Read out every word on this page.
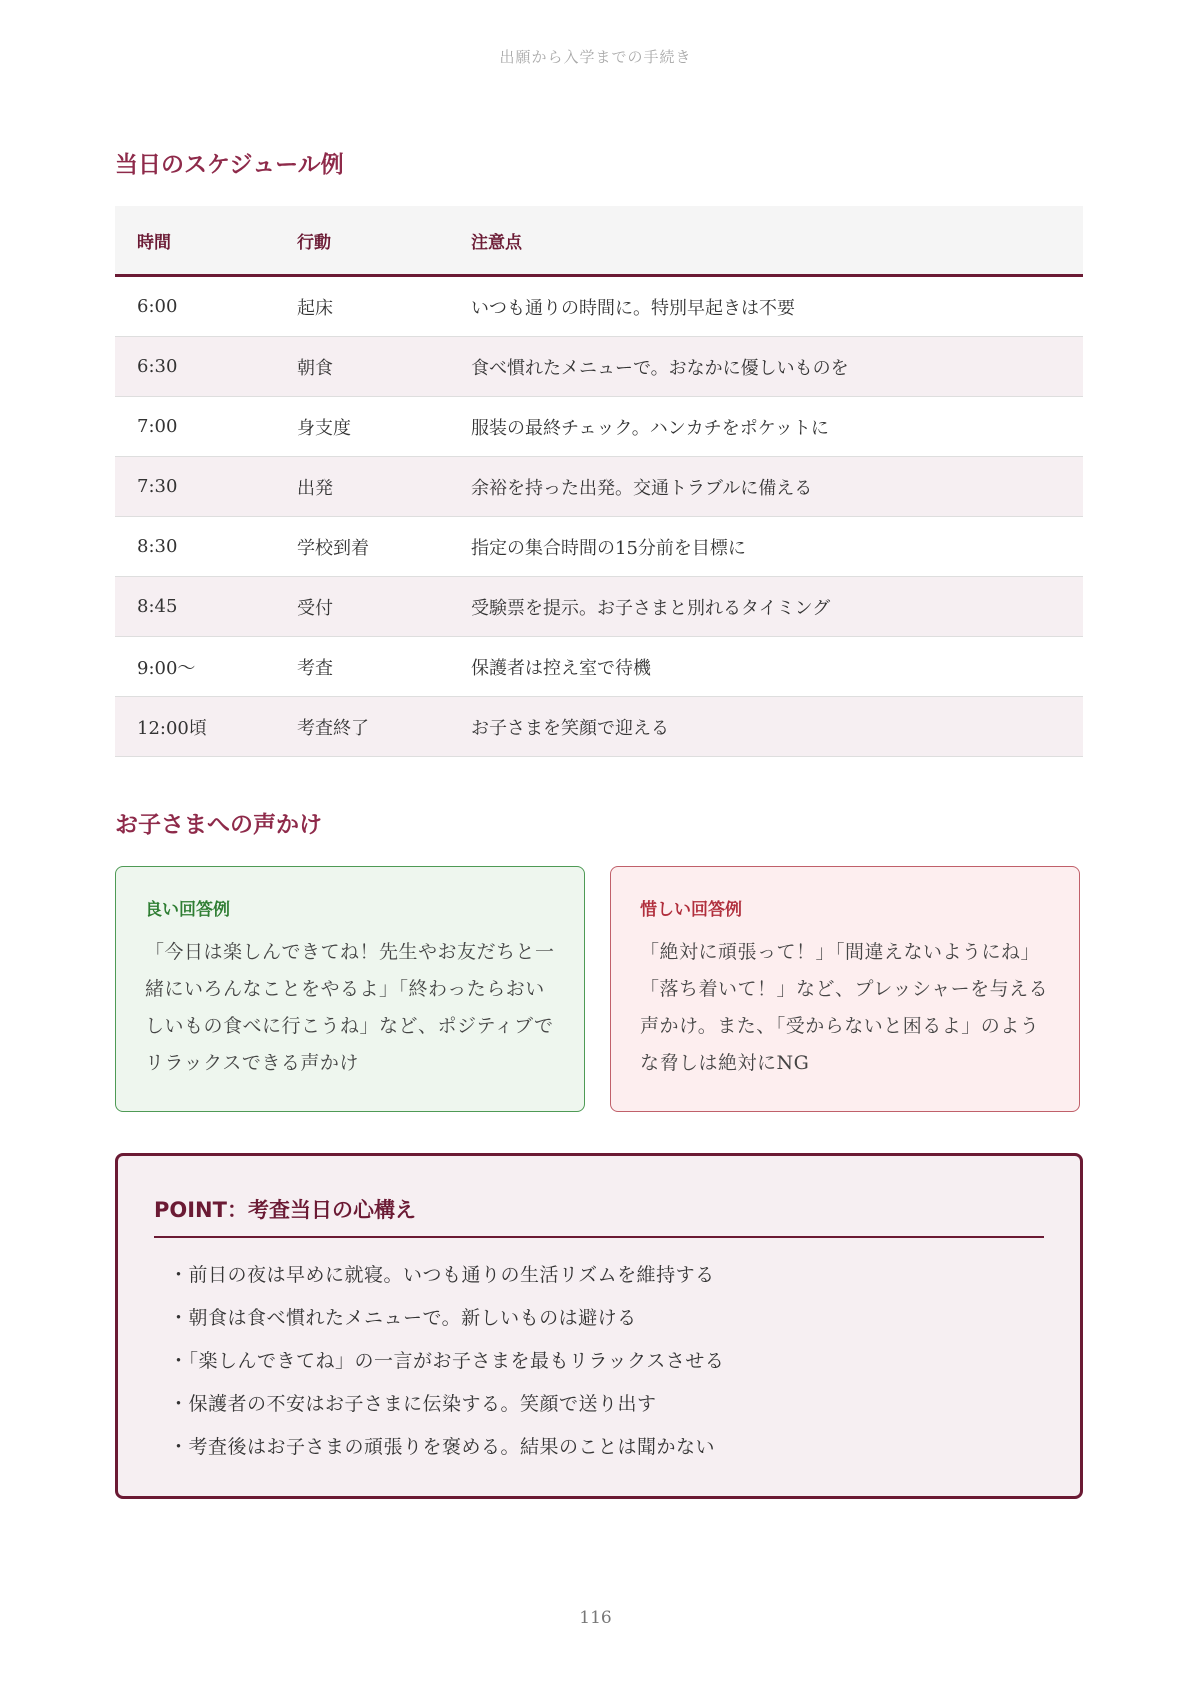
出願から入学までの手続き
当日のスケジュール例
時間	行動	注意点
6:00	起床	いつも通りの時間に。特別早起きは不要
6:30	朝食	食べ慣れたメニューで。おなかに優しいものを
7:00	身支度	服装の最終チェック。ハンカチをポケットに
7:30	出発	余裕を持った出発。交通トラブルに備える
8:30	学校到着	指定の集合時間の15分前を目標に
8:45	受付	受験票を提示。お子さまと別れるタイミング
9:00〜	考査	保護者は控え室で待機
12:00頃	考査終了	お子さまを笑顔で迎える
お子さまへの声かけ
良い回答例
「今日は楽しんできてね！先生やお友だちと一緒にいろんなことをやるよ」「終わったらおいしいもの食べに行こうね」など、ポジティブでリラックスできる声かけ
惜しい回答例
「絶対に頑張って！」「間違えないようにね」「落ち着いて！」など、プレッシャーを与える声かけ。また、「受からないと困るよ」のような脅しは絶対にNG
POINT：考査当日の心構え
・前日の夜は早めに就寝。いつも通りの生活リズムを維持する
・朝食は食べ慣れたメニューで。新しいものは避ける
・「楽しんできてね」の一言がお子さまを最もリラックスさせる
・保護者の不安はお子さまに伝染する。笑顔で送り出す
・考査後はお子さまの頑張りを褒める。結果のことは聞かない
116
